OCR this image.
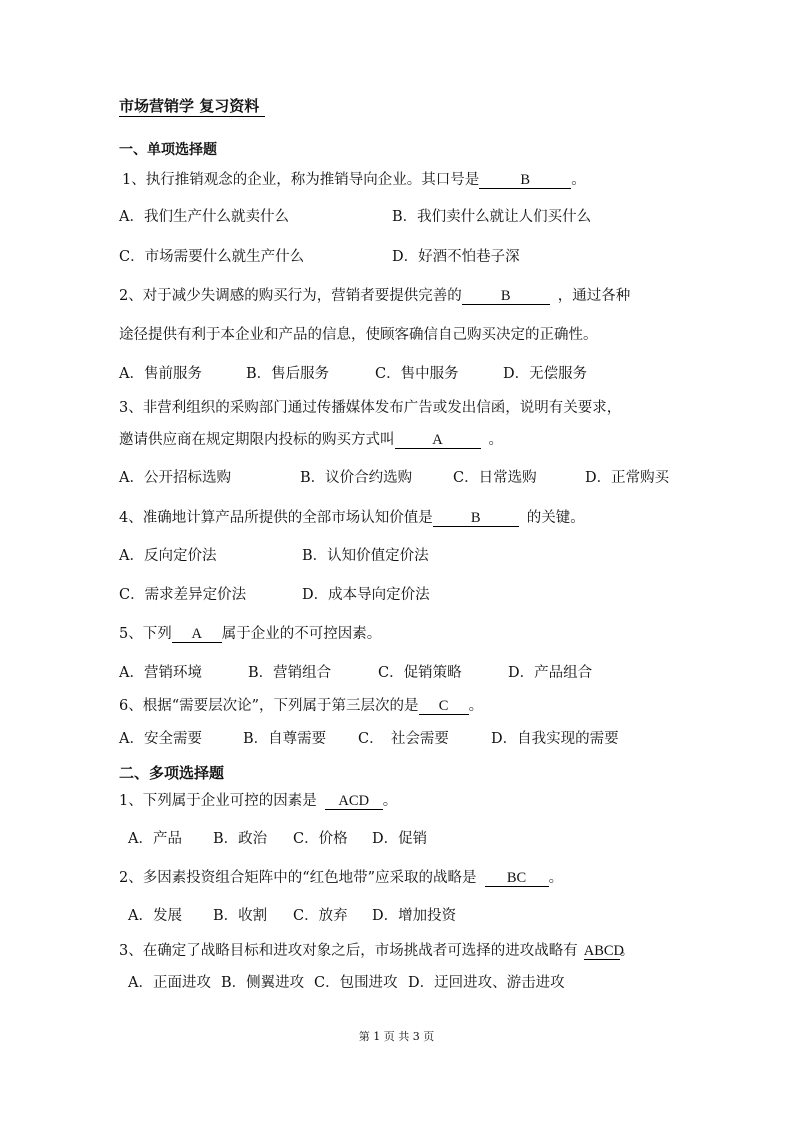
市场营销学 复习资料
一、单项选择题
1、执行推销观念的企业，称为推销导向企业。其口号是	B	。
A．我们生产什么就卖什么	B．我们卖什么就让人们买什么
C．市场需要什么就生产什么	D．好酒不怕巷子深
2、对于减少失调感的购买行为，营销者要提供完善的	B	，通过各种
途径提供有利于本企业和产品的信息，使顾客确信自己购买决定的正确性。
A．售前服务	B．售后服务	C．售中服务	D．无偿服务
3、非营利组织的采购部门通过传播媒体发布广告或发出信函，说明有关要求，
邀请供应商在规定期限内投标的购买方式叫	A	。
A．公开招标选购	B．议价合约选购	C．日常选购	D．正常购买
4、准确地计算产品所提供的全部市场认知价值是	B	的关键。
A．反向定价法	B．认知价值定价法
C．需求差异定价法	D．成本导向定价法
5、下列 A 属于企业的不可控因素。
A．营销环境	B．营销组合	C．促销策略	D．产品组合
6、根据“需要层次论”，下列属于第三层次的是 C 。
A．安全需要	B．自尊需要 C．　社会需要	D．自我实现的需要
二、多项选择题
1、下列属于企业可控的因素是 ACD 。
A．产品 B．政治 C．价格 D．促销
2、多因素投资组合矩阵中的“红色地带”应采取的战略是 BC 。
A．发展 B．收割 C．放弃 D．增加投资
3、在确定了战略目标和进攻对象之后，市场挑战者可选择的进攻战略有 ABCD。
A．正面进攻 B．侧翼进攻 C．包围进攻 D．迂回进攻、游击进攻
第 1 页 共 3 页
